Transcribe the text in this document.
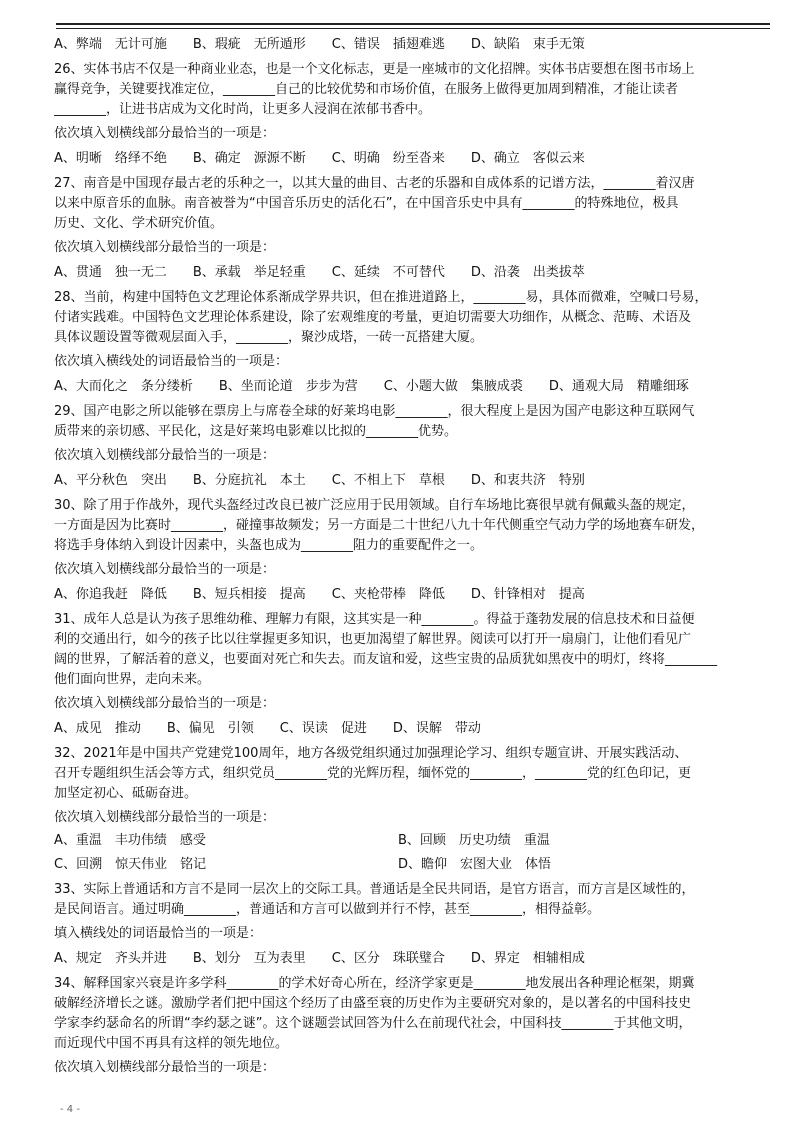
A、弊端　无计可施　　B、瑕疵　无所遁形　　C、错误　插翅难逃　　D、缺陷　束手无策
26、实体书店不仅是一种商业业态，也是一个文化标志，更是一座城市的文化招牌。实体书店要想在图书市场上
赢得竞争，关键要找准定位，________自己的比较优势和市场价值，在服务上做得更加周到精准，才能让读者
________，让进书店成为文化时尚，让更多人浸润在浓郁书香中。
依次填入划横线部分最恰当的一项是：
A、明晰　络绎不绝　　B、确定　源源不断　　C、明确　纷至沓来　　D、确立　客似云来
27、南音是中国现存最古老的乐种之一，以其大量的曲目、古老的乐器和自成体系的记谱方法，________着汉唐
以来中原音乐的血脉。南音被誉为“中国音乐历史的活化石”，在中国音乐史中具有________的特殊地位，极具
历史、文化、学术研究价值。
依次填入划横线部分最恰当的一项是：
A、贯通　独一无二　　B、承载　举足轻重　　C、延续　不可替代　　D、沿袭　出类拔萃
28、当前，构建中国特色文艺理论体系渐成学界共识，但在推进道路上，________易，具体而微难，空喊口号易，
付诸实践难。中国特色文艺理论体系建设，除了宏观维度的考量，更迫切需要大功细作，从概念、范畴、术语及
具体议题设置等微观层面入手，________，聚沙成塔，一砖一瓦搭建大厦。
依次填入横线处的词语最恰当的一项是：
A、大而化之　条分缕析　　B、坐而论道　步步为营　　C、小题大做　集腋成裘　　D、通观大局　精雕细琢
29、国产电影之所以能够在票房上与席卷全球的好莱坞电影________，很大程度上是因为国产电影这种互联网气
质带来的亲切感、平民化，这是好莱坞电影难以比拟的________优势。
依次填入划横线部分最恰当的一项是：
A、平分秋色　突出　　B、分庭抗礼　本土　　C、不相上下　草根　　D、和衷共济　特别
30、除了用于作战外，现代头盔经过改良已被广泛应用于民用领域。自行车场地比赛很早就有佩戴头盔的规定，
一方面是因为比赛时________，碰撞事故频发；另一方面是二十世纪八九十年代侧重空气动力学的场地赛车研发，
将选手身体纳入到设计因素中，头盔也成为________阻力的重要配件之一。
依次填入划横线部分最恰当的一项是：
A、你追我赶　降低　　B、短兵相接　提高　　C、夹枪带棒　降低　　D、针锋相对　提高
31、成年人总是认为孩子思维幼稚、理解力有限，这其实是一种________。得益于蓬勃发展的信息技术和日益便
利的交通出行，如今的孩子比以往掌握更多知识，也更加渴望了解世界。阅读可以打开一扇扇门，让他们看见广
阔的世界，了解活着的意义，也要面对死亡和失去。而友谊和爱，这些宝贵的品质犹如黑夜中的明灯，终将________
他们面向世界，走向未来。
依次填入划横线部分最恰当的一项是：
A、成见　推动　　B、偏见　引领　　C、误读　促进　　D、误解　带动
32、2021年是中国共产党建党100周年，地方各级党组织通过加强理论学习、组织专题宣讲、开展实践活动、
召开专题组织生活会等方式，组织党员________党的光辉历程，缅怀党的________，________党的红色印记，更
加坚定初心、砥砺奋进。
依次填入划横线部分最恰当的一项是：
A、重温　丰功伟绩　感受	B、回顾　历史功绩　重温
C、回溯　惊天伟业　铭记	D、瞻仰　宏图大业　体悟
33、实际上普通话和方言不是同一层次上的交际工具。普通话是全民共同语，是官方语言，而方言是区域性的，
是民间语言。通过明确________，普通话和方言可以做到并行不悖，甚至________，相得益彰。
填入横线处的词语最恰当的一项是：
A、规定　齐头并进　　B、划分　互为表里　　C、区分　珠联璧合　　D、界定　相辅相成
34、解释国家兴衰是许多学科________的学术好奇心所在，经济学家更是________地发展出各种理论框架，期冀
破解经济增长之谜。激励学者们把中国这个经历了由盛至衰的历史作为主要研究对象的，是以著名的中国科技史
学家李约瑟命名的所谓“李约瑟之谜”。这个谜题尝试回答为什么在前现代社会，中国科技________于其他文明，
而近现代中国不再具有这样的领先地位。
依次填入划横线部分最恰当的一项是：
- 4 -
